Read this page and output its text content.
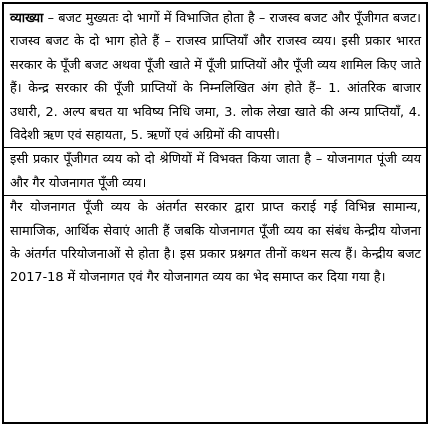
व्याख्या – बजट मुख्यतः दो भागों में विभाजित होता है – राजस्व बजट और पूँजीगत बजट। राजस्व बजट के दो भाग होते हैं – राजस्व प्राप्तियाँ और राजस्व व्यय। इसी प्रकार भारत सरकार के पूँजी बजट अथवा पूँजी खाते में पूँजी प्राप्तियों और पूँजी व्यय शामिल किए जाते हैं। केन्द्र सरकार की पूँजी प्राप्तियों के निम्नलिखित अंग होते हैं– 1. आंतरिक बाजार उधारी, 2. अल्प बचत या भविष्य निधि जमा, 3. लोक लेखा खाते की अन्य प्राप्तियाँ, 4. विदेशी ऋण एवं सहायता, 5. ऋणों एवं अग्रिमों की वापसी।

इसी प्रकार पूँजीगत व्यय को दो श्रेणियों में विभक्त किया जाता है – योजनागत पूंजी व्यय और गैर योजनागत पूँजी व्यय।

गैर योजनागत पूँजी व्यय के अंतर्गत सरकार द्वारा प्राप्त कराई गई विभिन्न सामान्य, सामाजिक, आर्थिक सेवाएं आती हैं जबकि योजनागत पूँजी व्यय का संबंध केन्द्रीय योजना के अंतर्गत परियोजनाओं से होता है। इस प्रकार प्रश्नगत तीनों कथन सत्य हैं। केन्द्रीय बजट 2017-18 में योजनागत एवं गैर योजनागत व्यय का भेद समाप्त कर दिया गया है।
